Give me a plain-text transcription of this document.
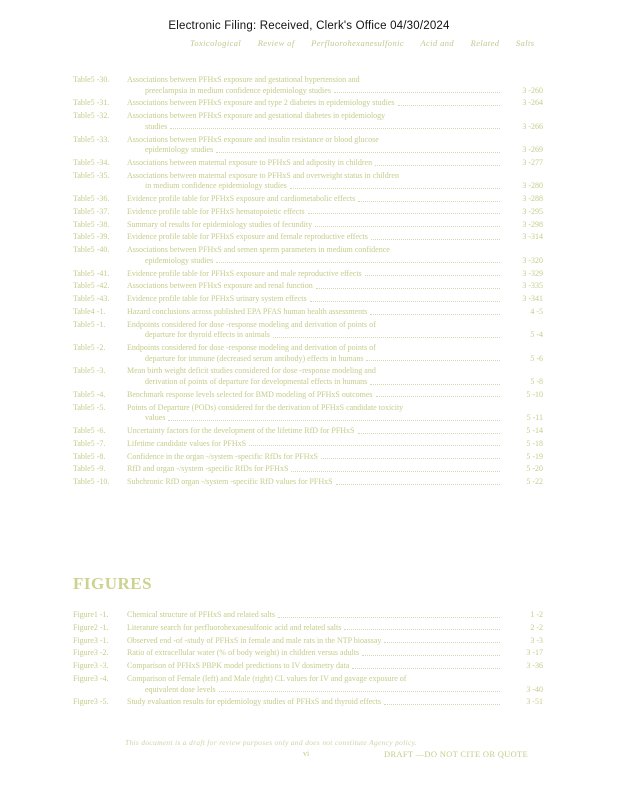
Electronic Filing: Received, Clerk's Office 04/30/2024
Toxicological Review of Perfluorohexanesulfonic Acid and Related Salts
Table5 -30.	Associations between PFHxS exposure and gestational hypertension and
preeclampsia in medium confidence epidemiology studies	3 -260
Table5 -31.	Associations between PFHxS exposure and type 2 diabetes in epidemiology studies	3 -264
Table5 -32.	Associations between PFHxS exposure and gestational diabetes in epidemiology
studies	3 -266
Table5 -33.	Associations between PFHxS exposure and insulin resistance or blood glucose
epidemiology studies	3 -269
Table5 -34.	Associations between maternal exposure to PFHxS and adiposity in children	3 -277
Table5 -35.	Associations between maternal exposure to PFHxS and overweight status in children
in medium confidence epidemiology studies	3 -280
Table5 -36.	Evidence profile table for PFHxS exposure and cardiometabolic effects	3 -288
Table5 -37.	Evidence profile table for PFHxS hematopoietic effects	3 -295
Table5 -38.	Summary of results for epidemiology studies of fecundity	3 -298
Table5 -39.	Evidence profile table for PFHxS exposure and female reproductive effects	3 -314
Table5 -40.	Associations between PFHxS and semen sperm parameters in medium confidence
epidemiology studies	3 -320
Table5 -41.	Evidence profile table for PFHxS exposure and male reproductive effects	3 -329
Table5 -42.	Associations between PFHxS exposure and renal function	3 -335
Table5 -43.	Evidence profile table for PFHxS urinary system effects	3 -341
Table4 -1.	Hazard conclusions across published EPA PFAS human health assessments	4 -5
Table5 -1.	Endpoints considered for dose -response modeling and derivation of points of
departure for thyroid effects in animals	5 -4
Table5 -2.	Endpoints considered for dose -response modeling and derivation of points of
departure for immune (decreased serum antibody) effects in humans	5 -6
Table5 -3.	Mean birth weight deficit studies considered for dose -response modeling and
derivation of points of departure for developmental effects in humans	5 -8
Table5 -4.	Benchmark response levels selected for BMD modeling of PFHxS outcomes	5 -10
Table5 -5.	Points of Departure (PODs) considered for the derivation of PFHxS candidate toxicity
values	5 -11
Table5 -6.	Uncertainty factors for the development of the lifetime RfD for PFHxS	5 -14
Table5 -7.	Lifetime candidate values for PFHxS	5 -18
Table5 -8.	Confidence in the organ -/system -specific RfDs for PFHxS	5 -19
Table5 -9.	RfD and organ -/system -specific RfDs for PFHxS	5 -20
Table5 -10.	Subchronic RfD organ -/system -specific RfD values for PFHxS	5 -22
FIGURES
Figure1 -1.	Chemical structure of PFHxS and related salts	1 -2
Figure2 -1.	Literature search for perfluorohexanesulfonic acid and related salts	2 -2
Figure3 -1.	Observed end -of -study of PFHxS in female and male rats in the NTP bioassay	3 -3
Figure3 -2.	Ratio of extracellular water (% of body weight) in children versus adults	3 -17
Figure3 -3.	Comparison of PFHxS PBPK model predictions to IV dosimetry data	3 -36
Figure3 -4.	Comparison of Female (left) and Male (right) CL values for IV and gavage exposure of
equivalent dose levels	3 -40
Figure3 -5.	Study evaluation results for epidemiology studies of PFHxS and thyroid effects	3 -51
This document is a draft for review purposes only and does not constitute Agency policy.
vi	DRAFT —DO NOT CITE OR QUOTE
